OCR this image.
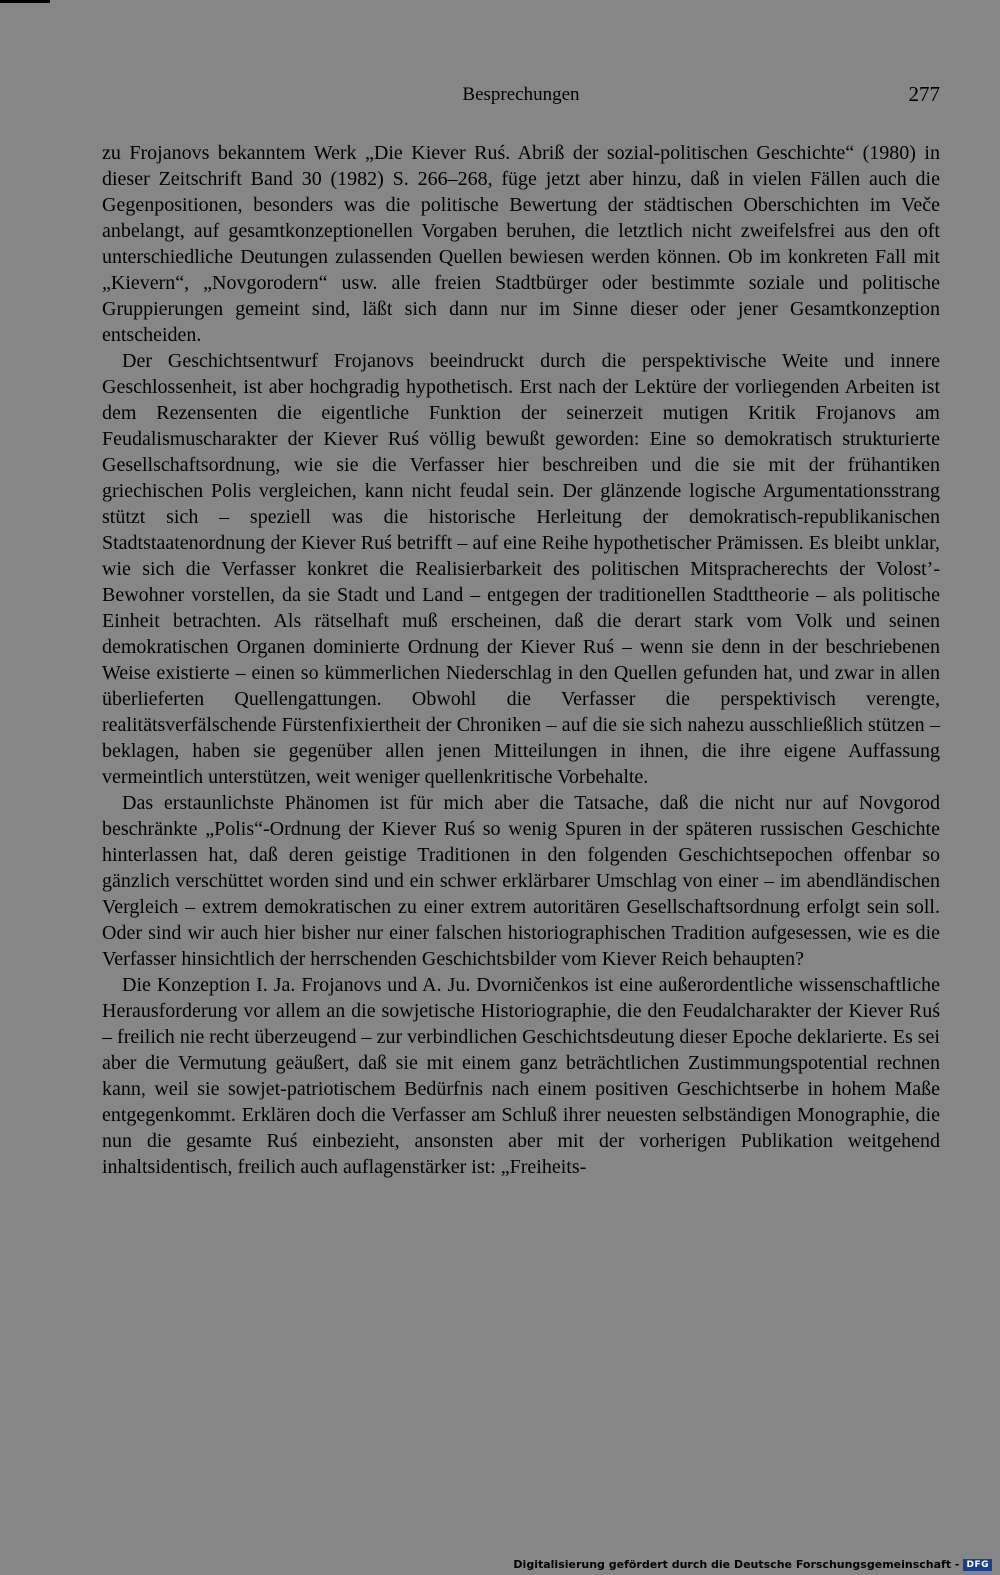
Besprechungen	277

zu Frojanovs bekanntem Werk „Die Kiever Ruś. Abriß der sozial-politischen Geschichte“ (1980) in dieser Zeitschrift Band 30 (1982) S. 266–268, füge jetzt aber hinzu, daß in vielen Fällen auch die Gegenpositionen, besonders was die politische Bewertung der städtischen Oberschichten im Veče anbelangt, auf gesamtkonzeptionellen Vorgaben beruhen, die letztlich nicht zweifelsfrei aus den oft unterschiedliche Deutungen zulassenden Quellen bewiesen werden können. Ob im konkreten Fall mit „Kievern“, „Novgorodern“ usw. alle freien Stadtbürger oder bestimmte soziale und politische Gruppierungen gemeint sind, läßt sich dann nur im Sinne dieser oder jener Gesamtkonzeption entscheiden.

Der Geschichtsentwurf Frojanovs beeindruckt durch die perspektivische Weite und innere Geschlossenheit, ist aber hochgradig hypothetisch. Erst nach der Lektüre der vorliegenden Arbeiten ist dem Rezensenten die eigentliche Funktion der seinerzeit mutigen Kritik Frojanovs am Feudalismuscharakter der Kiever Ruś völlig bewußt geworden: Eine so demokratisch strukturierte Gesellschaftsordnung, wie sie die Verfasser hier beschreiben und die sie mit der frühantiken griechischen Polis vergleichen, kann nicht feudal sein. Der glänzende logische Argumentationsstrang stützt sich – speziell was die historische Herleitung der demokratisch-republikanischen Stadtstaatenordnung der Kiever Ruś betrifft – auf eine Reihe hypothetischer Prämissen. Es bleibt unklar, wie sich die Verfasser konkret die Realisierbarkeit des politischen Mitspracherechts der Volost’-Bewohner vorstellen, da sie Stadt und Land – entgegen der traditionellen Stadttheorie – als politische Einheit betrachten. Als rätselhaft muß erscheinen, daß die derart stark vom Volk und seinen demokratischen Organen dominierte Ordnung der Kiever Ruś – wenn sie denn in der beschriebenen Weise existierte – einen so kümmerlichen Niederschlag in den Quellen gefunden hat, und zwar in allen überlieferten Quellengattungen. Obwohl die Verfasser die perspektivisch verengte, realitätsverfälschende Fürstenfixiertheit der Chroniken – auf die sie sich nahezu ausschließlich stützen – beklagen, haben sie gegenüber allen jenen Mitteilungen in ihnen, die ihre eigene Auffassung vermeintlich unterstützen, weit weniger quellenkritische Vorbehalte.

Das erstaunlichste Phänomen ist für mich aber die Tatsache, daß die nicht nur auf Novgorod beschränkte „Polis“-Ordnung der Kiever Ruś so wenig Spuren in der späteren russischen Geschichte hinterlassen hat, daß deren geistige Traditionen in den folgenden Geschichtsepochen offenbar so gänzlich verschüttet worden sind und ein schwer erklärbarer Umschlag von einer – im abendländischen Vergleich – extrem demokratischen zu einer extrem autoritären Gesellschaftsordnung erfolgt sein soll. Oder sind wir auch hier bisher nur einer falschen historiographischen Tradition aufgesessen, wie es die Verfasser hinsichtlich der herrschenden Geschichtsbilder vom Kiever Reich behaupten?

Die Konzeption I. Ja. Frojanovs und A. Ju. Dvorničenkos ist eine außerordentliche wissenschaftliche Herausforderung vor allem an die sowjetische Historiographie, die den Feudalcharakter der Kiever Ruś – freilich nie recht überzeugend – zur verbindlichen Geschichtsdeutung dieser Epoche deklarierte. Es sei aber die Vermutung geäußert, daß sie mit einem ganz beträchtlichen Zustimmungspotential rechnen kann, weil sie sowjet-patriotischem Bedürfnis nach einem positiven Geschichtserbe in hohem Maße entgegenkommt. Erklären doch die Verfasser am Schluß ihrer neuesten selbständigen Monographie, die nun die gesamte Ruś einbezieht, ansonsten aber mit der vorherigen Publikation weitgehend inhaltsidentisch, freilich auch auflagenstärker ist: „Freiheits-

Digitalisierung gefördert durch die Deutsche Forschungsgemeinschaft - DFG
